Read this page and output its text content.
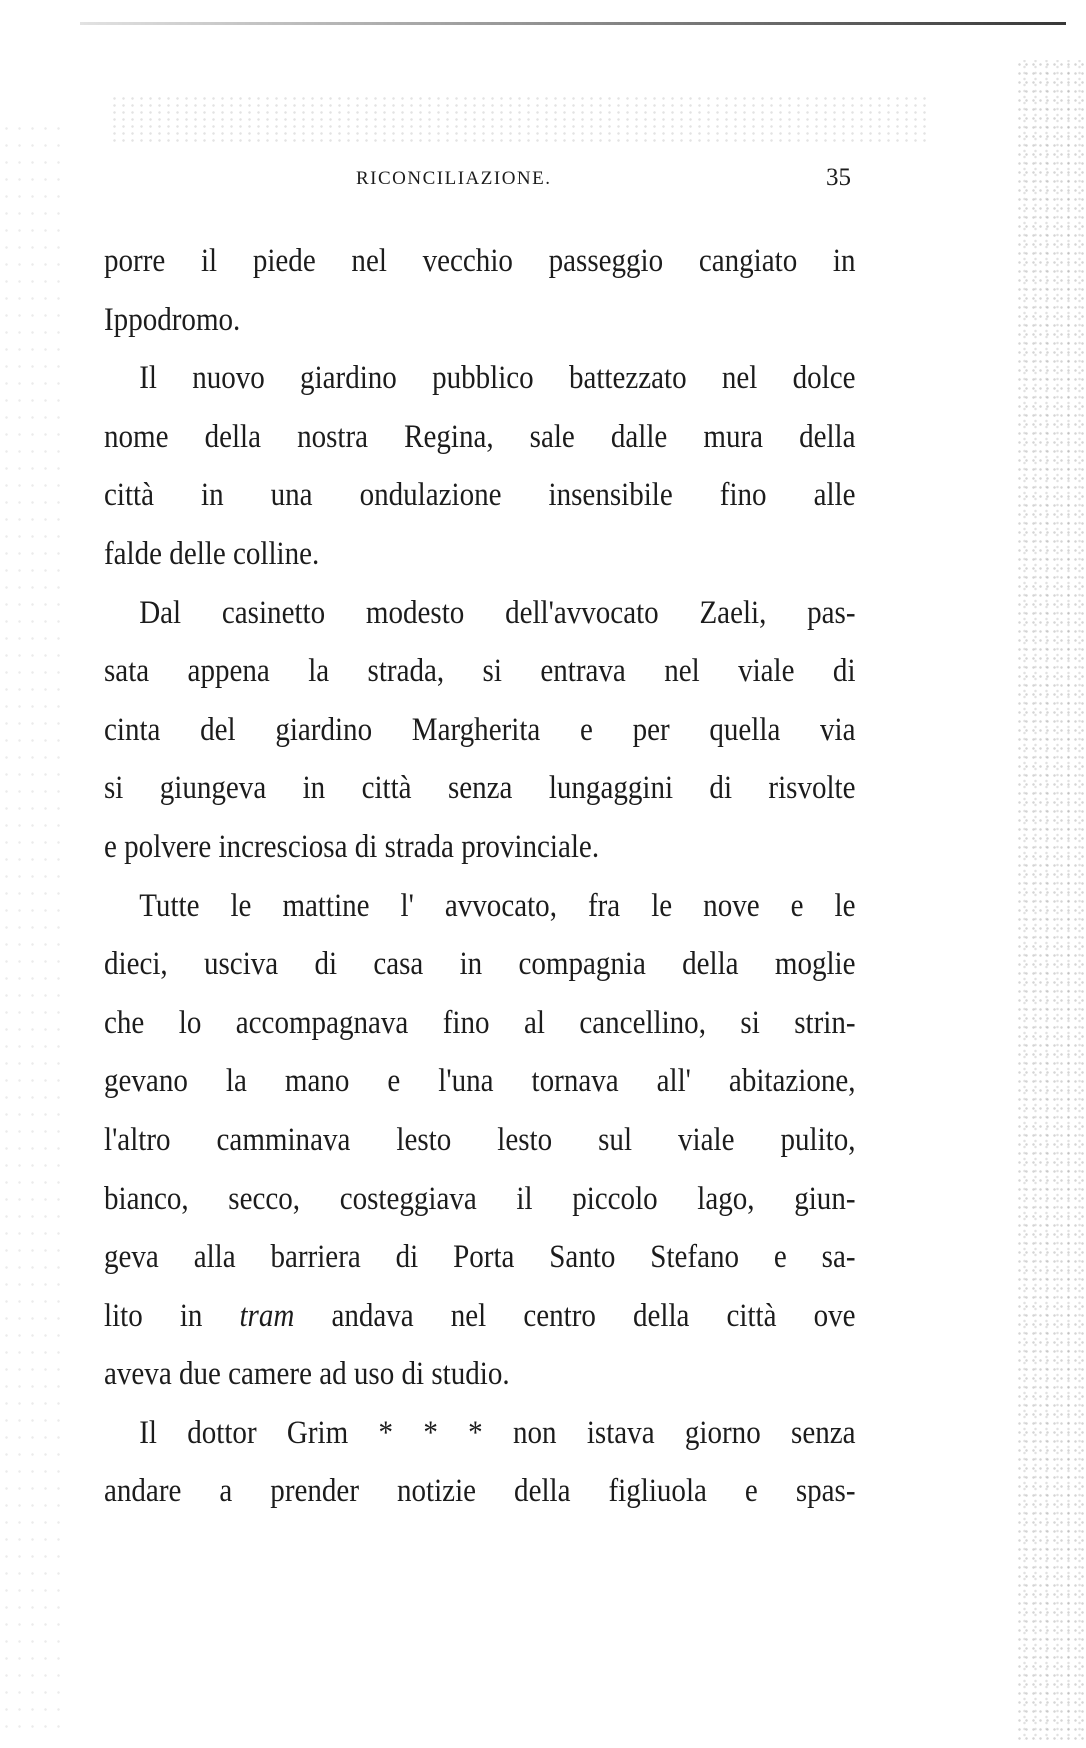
RICONCILIAZIONE.	35
porre il piede nel vecchio passeggio cangiato in
Ippodromo.
Il nuovo giardino pubblico battezzato nel dolce
nome della nostra Regina, sale dalle mura della
città in una ondulazione insensibile fino alle
falde delle colline.
Dal casinetto modesto dell'avvocato Zaeli, pas-
sata appena la strada, si entrava nel viale di
cinta del giardino Margherita e per quella via
si giungeva in città senza lungaggini di risvolte
e polvere incresciosa di strada provinciale.
Tutte le mattine l' avvocato, fra le nove e le
dieci, usciva di casa in compagnia della moglie
che lo accompagnava fino al cancellino, si strin-
gevano la mano e l'una tornava all' abitazione,
l'altro camminava lesto lesto sul viale pulito,
bianco, secco, costeggiava il piccolo lago, giun-
geva alla barriera di Porta Santo Stefano e sa-
lito in tram andava nel centro della città ove
aveva due camere ad uso di studio.
Il dottor Grim * * * non istava giorno senza
andare a prender notizie della figliuola e spas-
